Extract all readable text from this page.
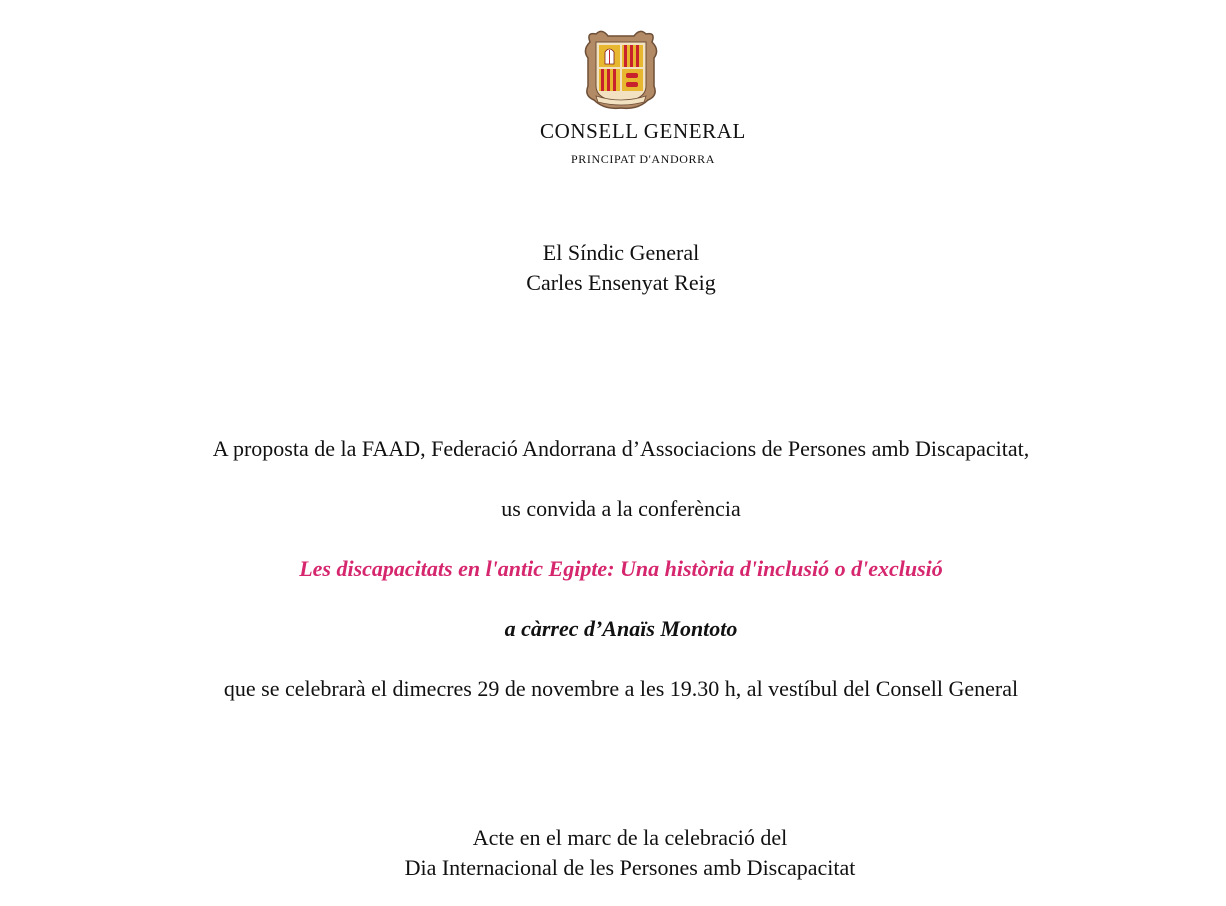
CONSELL GENERAL
PRINCIPAT D'ANDORRA
El Síndic General
Carles Ensenyat Reig
A proposta de la FAAD, Federació Andorrana d’Associacions de Persones amb Discapacitat,
us convida a la conferència
Les discapacitats en l'antic Egipte: Una història d'inclusió o d'exclusió
a càrrec d’Anaïs Montoto
que se celebrarà el dimecres 29 de novembre a les 19.30 h, al vestíbul del Consell General
Acte en el marc de la celebració del
Dia Internacional de les Persones amb Discapacitat
